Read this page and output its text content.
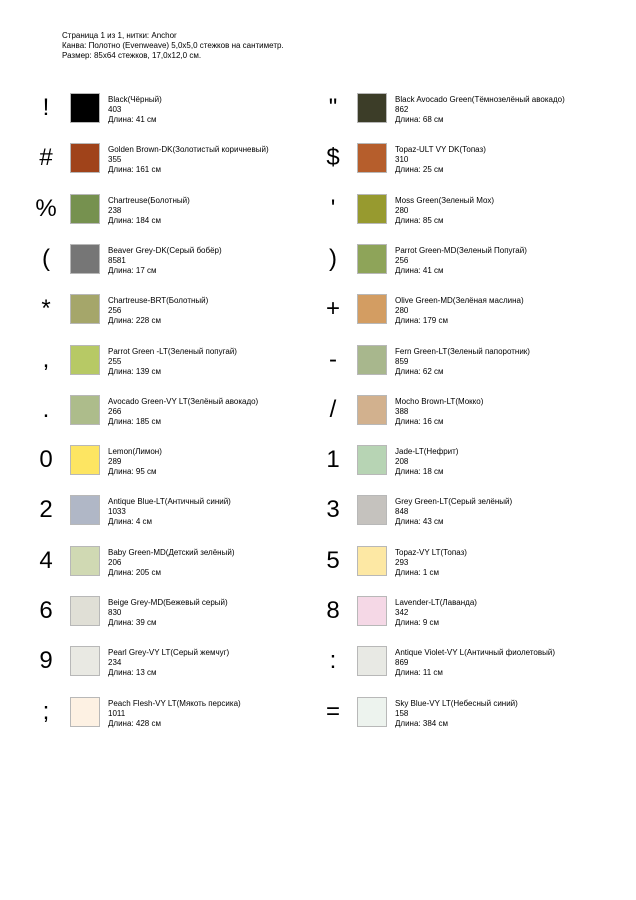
Страница 1 из 1, нитки: Anchor
Канва: Полотно (Evenweave) 5,0x5,0 стежков на сантиметр.
Размер: 85x64 стежков, 17,0x12,0 см.
!	Black(Чёрный)
403
Длина: 41 см
#	Golden Brown-DK(Золотистый коричневый)
355
Длина: 161 см
%	Chartreuse(Болотный)
238
Длина: 184 см
(	Beaver Grey-DK(Серый бобёр)
8581
Длина: 17 см
*	Chartreuse-BRT(Болотный)
256
Длина: 228 см
,	Parrot Green -LT(Зеленый попугай)
255
Длина: 139 см
.	Avocado Green-VY LT(Зелёный авокадо)
266
Длина: 185 см
0	Lemon(Лимон)
289
Длина: 95 см
2	Antique Blue-LT(Античный синий)
1033
Длина: 4 см
4	Baby Green-MD(Детский зелёный)
206
Длина: 205 см
6	Beige Grey-MD(Бежевый серый)
830
Длина: 39 см
9	Pearl Grey-VY LT(Серый жемчуг)
234
Длина: 13 см
;	Peach Flesh-VY LT(Мякоть персика)
1011
Длина: 428 см
"	Black Avocado Green(Тёмнозелёный авокадо)
862
Длина: 68 см
$	Topaz-ULT VY DK(Топаз)
310
Длина: 25 см
'	Moss Green(Зеленый Мох)
280
Длина: 85 см
)	Parrot Green-MD(Зеленый Попугай)
256
Длина: 41 см
+	Olive Green-MD(Зелёная маслина)
280
Длина: 179 см
-	Fern Green-LT(Зеленый папоротник)
859
Длина: 62 см
/	Mocho Brown-LT(Мокко)
388
Длина: 16 см
1	Jade-LT(Нефрит)
208
Длина: 18 см
3	Grey Green-LT(Серый зелёный)
848
Длина: 43 см
5	Topaz-VY LT(Топаз)
293
Длина: 1 см
8	Lavender-LT(Лаванда)
342
Длина: 9 см
:	Antique Violet-VY L(Античный фиолетовый)
869
Длина: 11 см
=	Sky Blue-VY LT(Небесный синий)
158
Длина: 384 см
